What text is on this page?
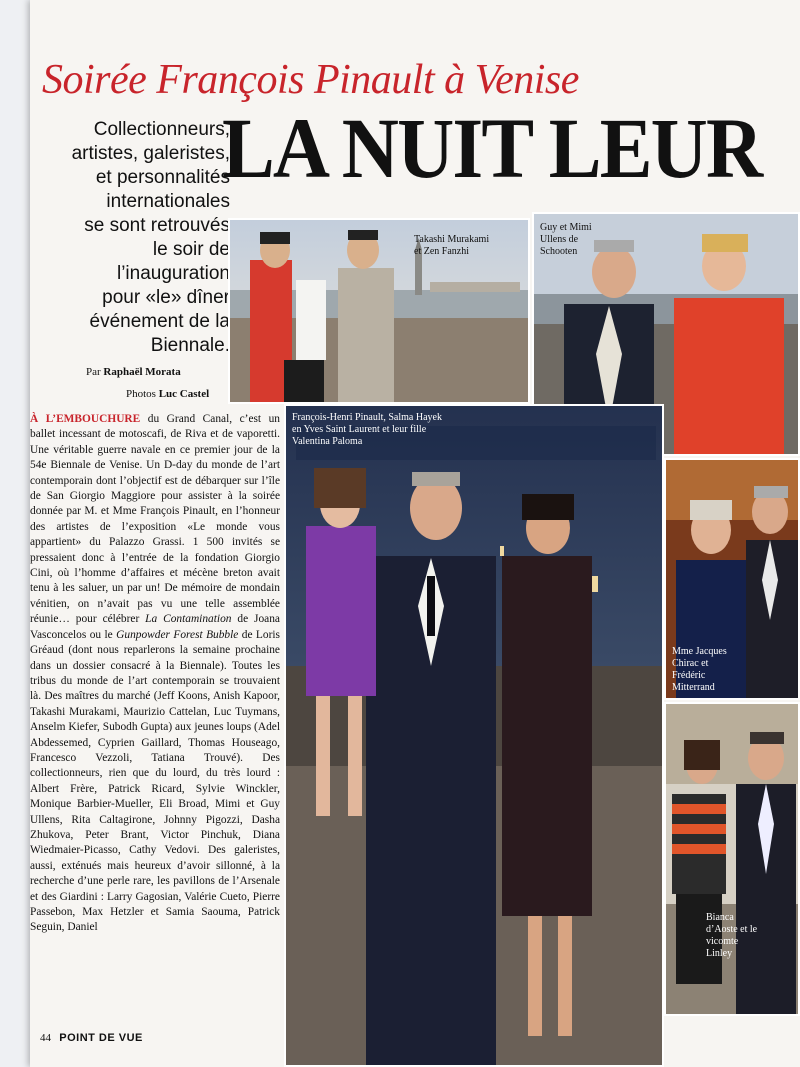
Soirée François Pinault à Venise
LA NUIT LEUR
Collectionneurs,
artistes, galeristes,
et personnalités
internationales
se sont retrouvés
le soir de
l’inauguration
pour «le» dîner
événement de la
Biennale.
Par Raphaël Morata
Photos Luc Castel
À L’EMBOUCHURE du Grand Canal, c’est un ballet incessant de motoscafi, de Riva et de vaporetti. Une véritable guerre navale en ce premier jour de la 54e Biennale de Venise. Un D-day du monde de l’art contemporain dont l’objectif est de débarquer sur l’île de San Giorgio Maggiore pour assister à la soirée donnée par M. et Mme François Pinault, en l’honneur des artistes de l’exposition «Le monde vous appartient» du Palazzo Grassi. 1 500 invités se pressaient donc à l’entrée de la fondation Giorgio Cini, où l’homme d’affaires et mécène breton avait tenu à les saluer, un par un! De mémoire de mondain vénitien, on n’avait pas vu une telle assemblée réunie… pour célébrer La Contamination de Joana Vasconcelos ou le Gunpowder Forest Bubble de Loris Gréaud (dont nous reparlerons la semaine prochaine dans un dossier consacré à la Biennale). Toutes les tribus du monde de l’art contemporain se trouvaient là. Des maîtres du marché (Jeff Koons, Anish Kapoor, Takashi Murakami, Maurizio Cattelan, Luc Tuymans, Anselm Kiefer, Subodh Gupta) aux jeunes loups (Adel Abdessemed, Cyprien Gaillard, Thomas Houseago, Francesco Vezzoli, Tatiana Trouvé). Des collectionneurs, rien que du lourd, du très lourd : Albert Frère, Patrick Ricard, Sylvie Winckler, Monique Barbier-Mueller, Eli Broad, Mimi et Guy Ullens, Rita Caltagirone, Johnny Pigozzi, Dasha Zhukova, Peter Brant, Victor Pinchuk, Diana Wiedmaier-Picasso, Cathy Vedovi. Des galeristes, aussi, exténués mais heureux d’avoir sillonné, à la recherche d’une perle rare, les pavillons de l’Arsenale et des Giardini : Larry Gagosian, Valérie Cueto, Pierre Passebon, Max Hetzler et Samia Saouma, Patrick Seguin, Daniel
44 POINT DE VUE
Takashi Murakami
et Zen Fanzhi
Guy et Mimi
Ullens de
Schooten
François-Henri Pinault, Salma Hayek
en Yves Saint Laurent et leur fille
Valentina Paloma
Mme Jacques
Chirac et
Frédéric
Mitterrand
Bianca
d’Aoste et le
vicomte
Linley
